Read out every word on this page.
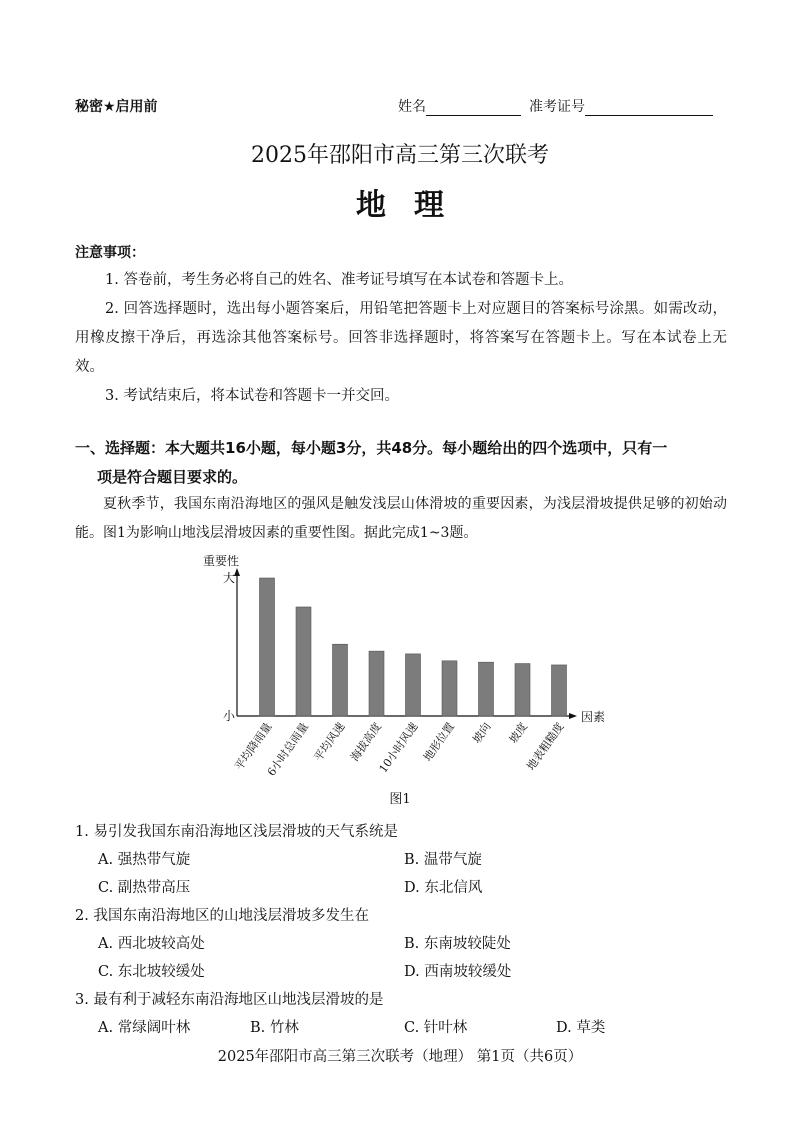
秘密★启用前	姓名	准考证号
2025年邵阳市高三第三次联考
地理
注意事项：
1. 答卷前，考生务必将自己的姓名、准考证号填写在本试卷和答题卡上。
2. 回答选择题时，选出每小题答案后，用铅笔把答题卡上对应题目的答案标号涂黑。如需改动，用橡皮擦干净后，再选涂其他答案标号。回答非选择题时，将答案写在答题卡上。写在本试卷上无效。
3. 考试结束后，将本试卷和答题卡一并交回。
一、选择题：本大题共16小题，每小题3分，共48分。每小题给出的四个选项中，只有一
项是符合题目要求的。
夏秋季节，我国东南沿海地区的强风是触发浅层山体滑坡的重要因素，为浅层滑坡提供足够的初始动能。图1为影响山地浅层滑坡因素的重要性图。据此完成1~3题。
重要性
大
小	因素
平均降雨量
6小时总雨量 平均风速 海拔高度
10小时风速 地形位置 坡向 坡度
地表粗糙度
图1
1. 易引发我国东南沿海地区浅层滑坡的天气系统是
A. 强热带气旋	B. 温带气旋
C. 副热带高压	D. 东北信风
2. 我国东南沿海地区的山地浅层滑坡多发生在
A. 西北坡较高处	B. 东南坡较陡处
C. 东北坡较缓处	D. 西南坡较缓处
3. 最有利于减轻东南沿海地区山地浅层滑坡的是
A. 常绿阔叶林	B. 竹林	C. 针叶林	D. 草类
2025年邵阳市高三第三次联考（地理） 第1页（共6页）
